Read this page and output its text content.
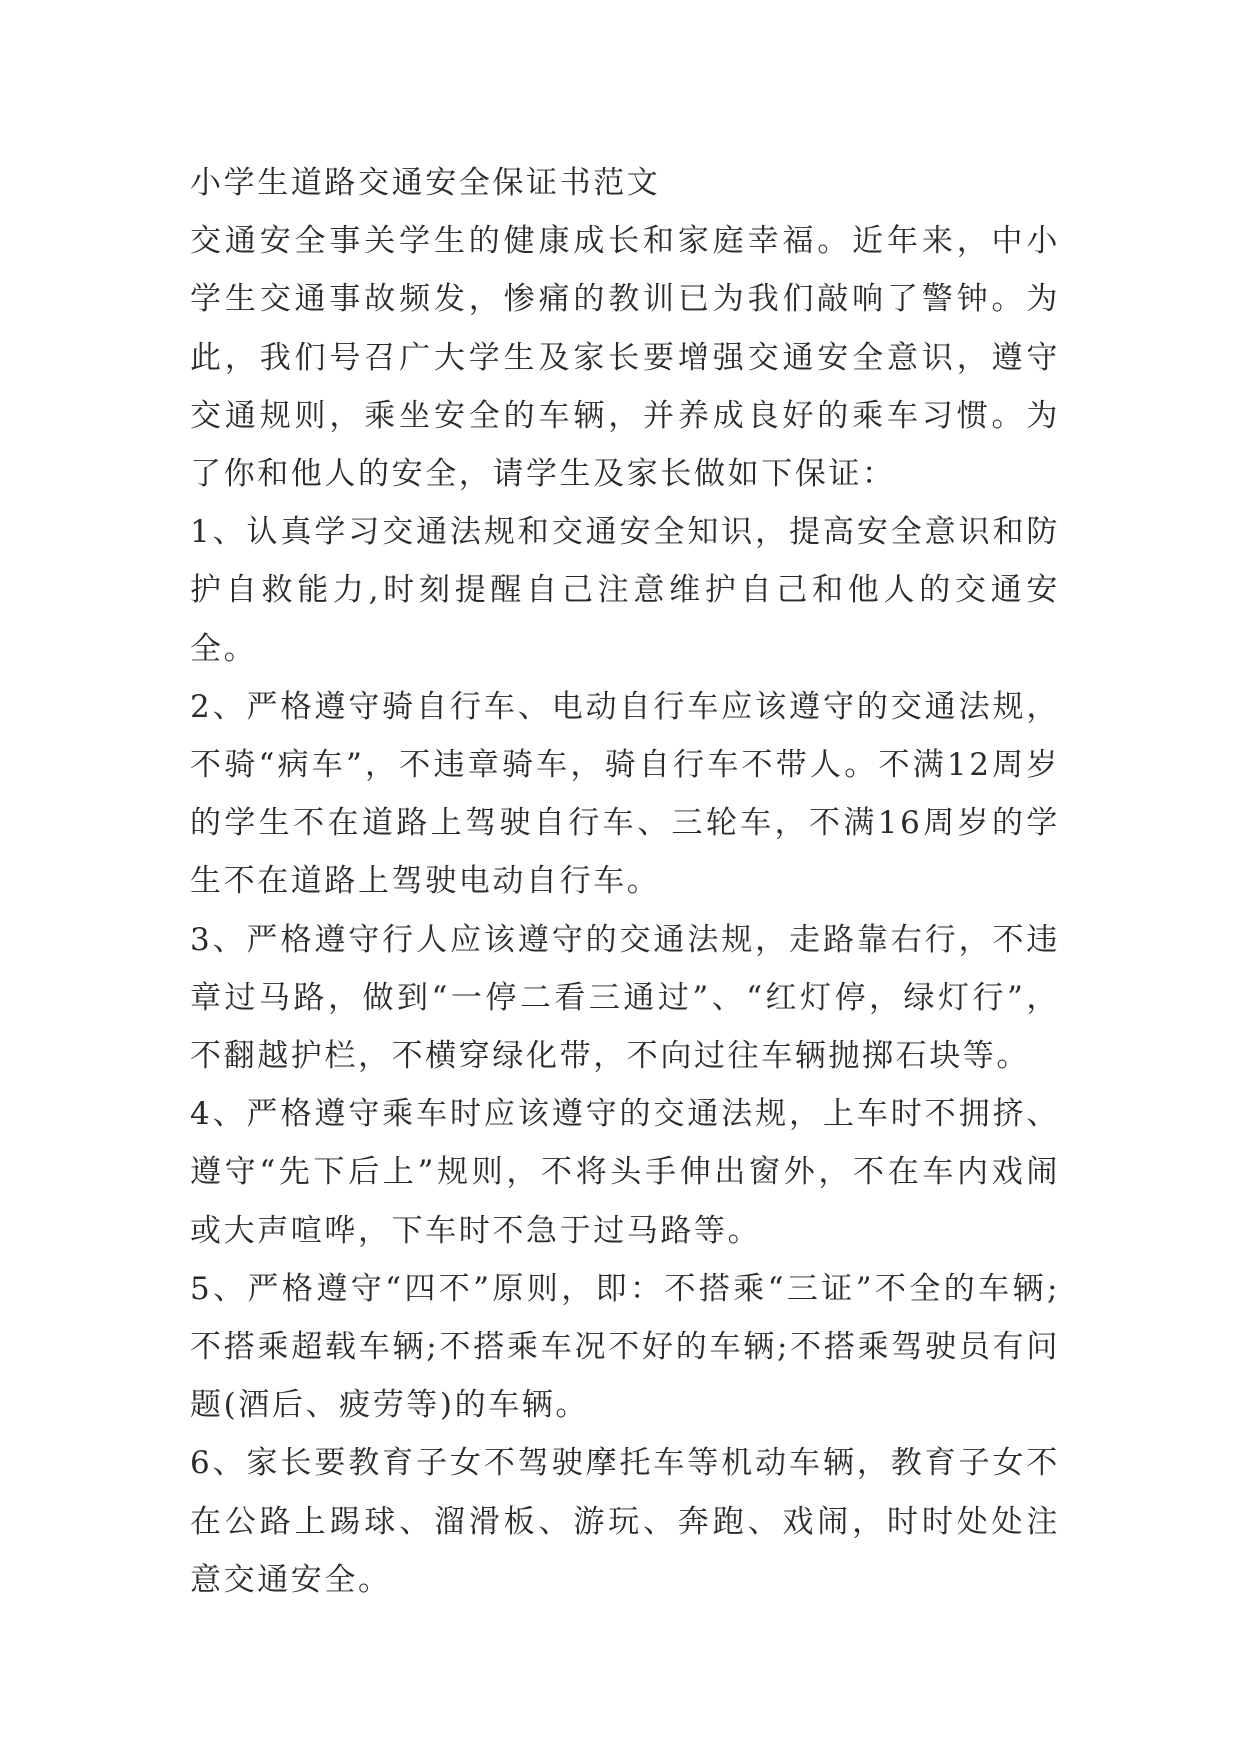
小学生道路交通安全保证书范文

交通安全事关学生的健康成长和家庭幸福。近年来，中小学生交通事故频发，惨痛的教训已为我们敲响了警钟。为此，我们号召广大学生及家长要增强交通安全意识，遵守交通规则，乘坐安全的车辆，并养成良好的乘车习惯。为了你和他人的安全，请学生及家长做如下保证：

1、认真学习交通法规和交通安全知识，提高安全意识和防护自救能力,时刻提醒自己注意维护自己和他人的交通安全。

2、严格遵守骑自行车、电动自行车应该遵守的交通法规，不骑“病车”，不违章骑车，骑自行车不带人。不满12周岁的学生不在道路上驾驶自行车、三轮车，不满16周岁的学生不在道路上驾驶电动自行车。

3、严格遵守行人应该遵守的交通法规，走路靠右行，不违章过马路，做到“一停二看三通过”、“红灯停，绿灯行”，不翻越护栏，不横穿绿化带，不向过往车辆抛掷石块等。

4、严格遵守乘车时应该遵守的交通法规，上车时不拥挤、遵守“先下后上”规则，不将头手伸出窗外，不在车内戏闹或大声喧哗，下车时不急于过马路等。

5、严格遵守“四不”原则，即：不搭乘“三证”不全的车辆;不搭乘超载车辆;不搭乘车况不好的车辆;不搭乘驾驶员有问题(酒后、疲劳等)的车辆。

6、家长要教育子女不驾驶摩托车等机动车辆，教育子女不在公路上踢球、溜滑板、游玩、奔跑、戏闹，时时处处注意交通安全。
